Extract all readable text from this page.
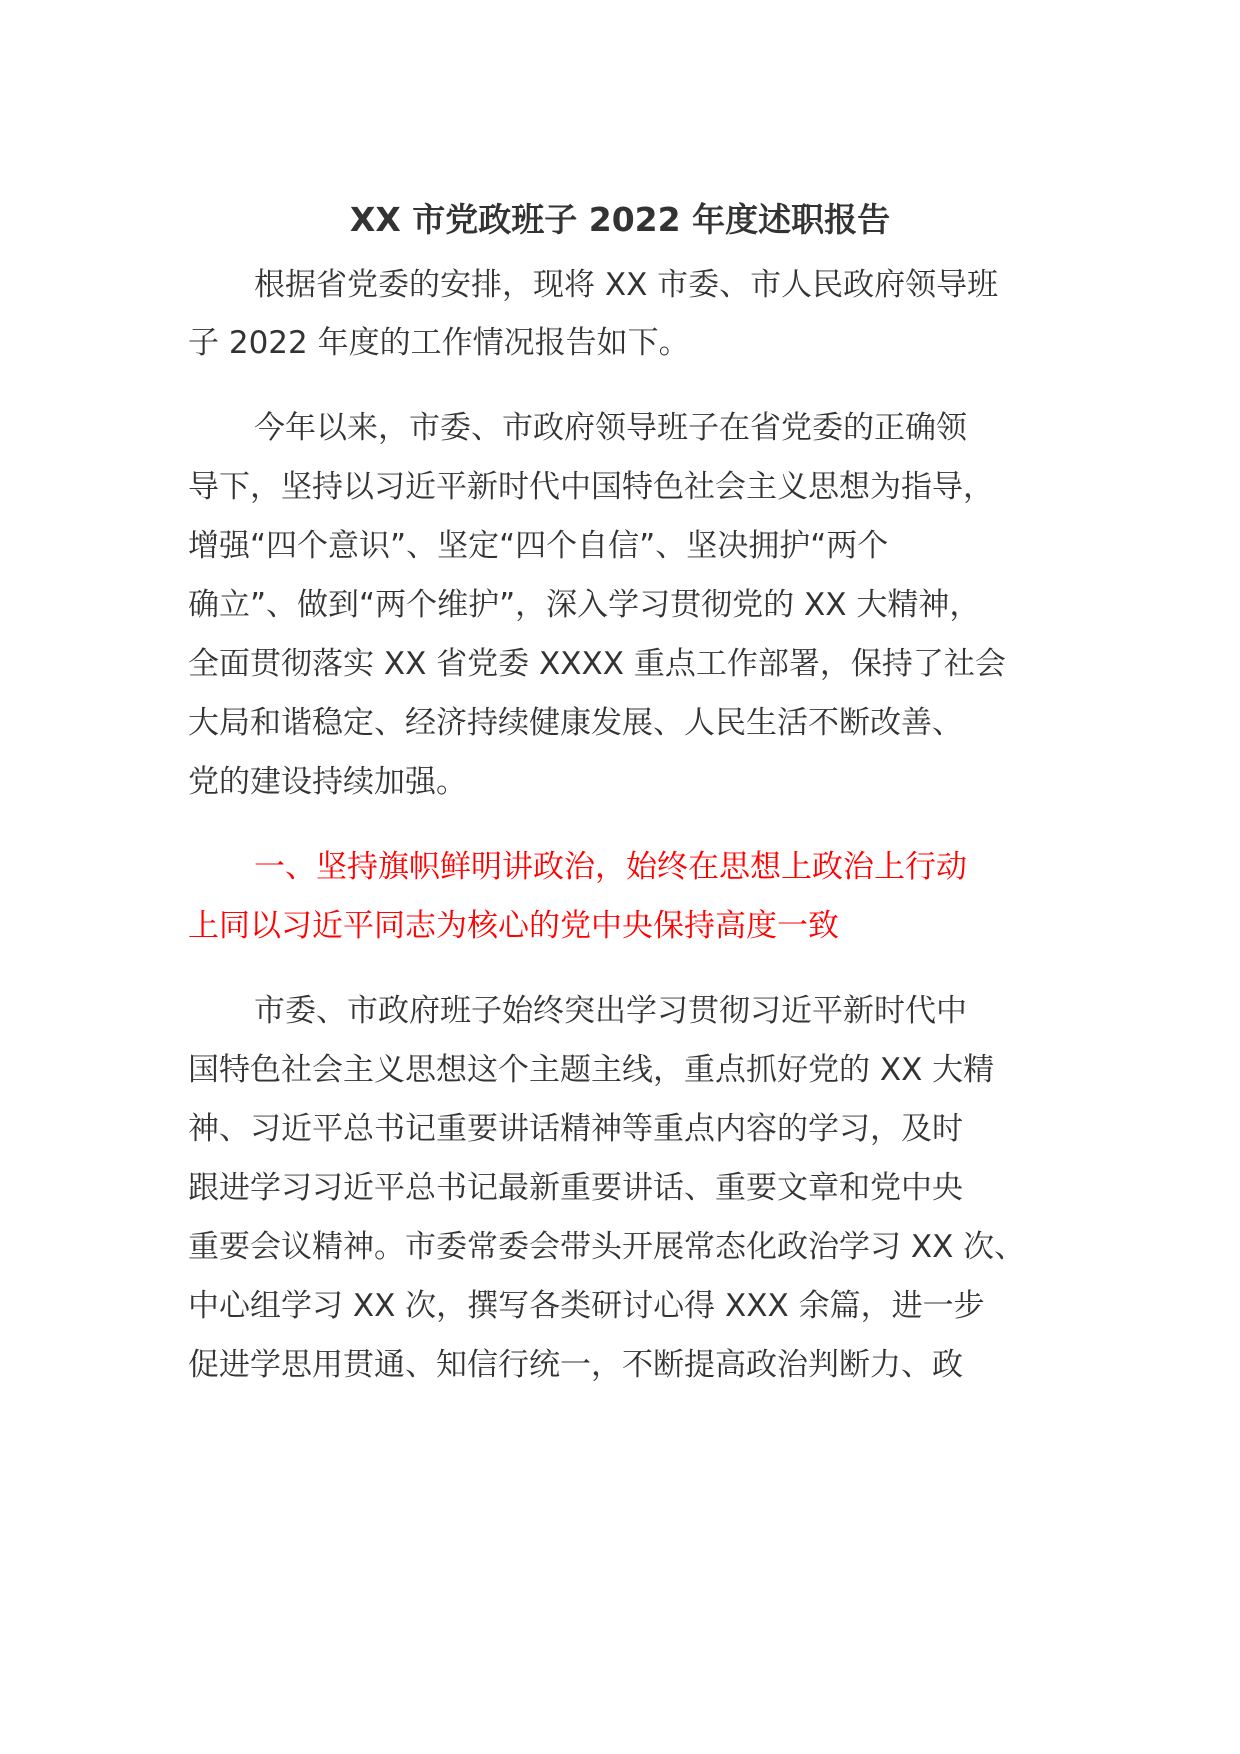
XX 市党政班子 2022 年度述职报告
根据省党委的安排，现将 XX 市委、市人民政府领导班
子 2022 年度的工作情况报告如下。
今年以来，市委、市政府领导班子在省党委的正确领
导下，坚持以习近平新时代中国特色社会主义思想为指导，
增强“四个意识”、坚定“四个自信”、坚决拥护“两个
确立”、做到“两个维护”，深入学习贯彻党的 XX 大精神，
全面贯彻落实 XX 省党委 XXXX 重点工作部署，保持了社会
大局和谐稳定、经济持续健康发展、人民生活不断改善、
党的建设持续加强。
一、坚持旗帜鲜明讲政治，始终在思想上政治上行动
上同以习近平同志为核心的党中央保持高度一致
市委、市政府班子始终突出学习贯彻习近平新时代中
国特色社会主义思想这个主题主线，重点抓好党的 XX 大精
神、习近平总书记重要讲话精神等重点内容的学习，及时
跟进学习习近平总书记最新重要讲话、重要文章和党中央
重要会议精神。市委常委会带头开展常态化政治学习 XX 次、
中心组学习 XX 次，撰写各类研讨心得 XXX 余篇，进一步
促进学思用贯通、知信行统一，不断提高政治判断力、政
